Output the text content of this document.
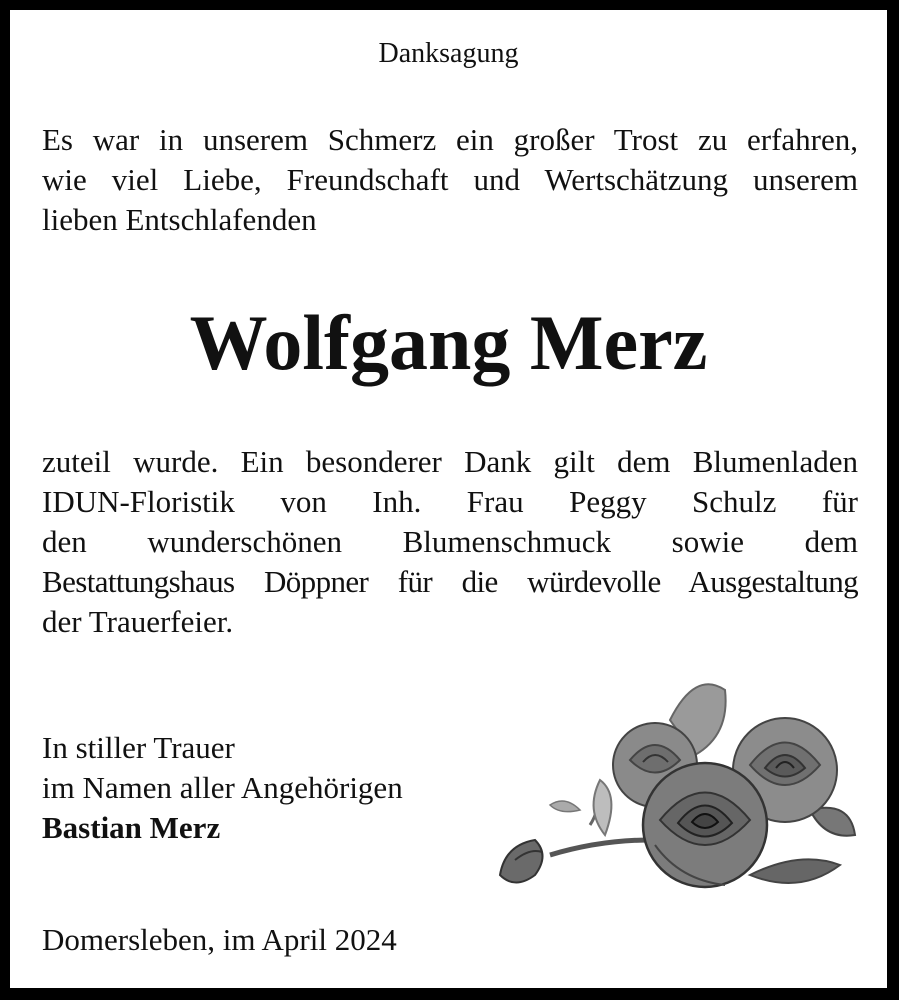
Danksagung

Es war in unserem Schmerz ein großer Trost zu erfahren,
wie viel Liebe, Freundschaft und Wertschätzung unserem
lieben Entschlafenden

Wolfgang Merz

zuteil wurde. Ein besonderer Dank gilt dem Blumenladen
IDUN-Floristik von Inh. Frau Peggy Schulz für
den wunderschönen Blumenschmuck sowie dem
Bestattungshaus Döppner für die würdevolle Ausgestaltung
der Trauerfeier.

In stiller Trauer
im Namen aller Angehörigen
Bastian Merz

Domersleben, im April 2024
